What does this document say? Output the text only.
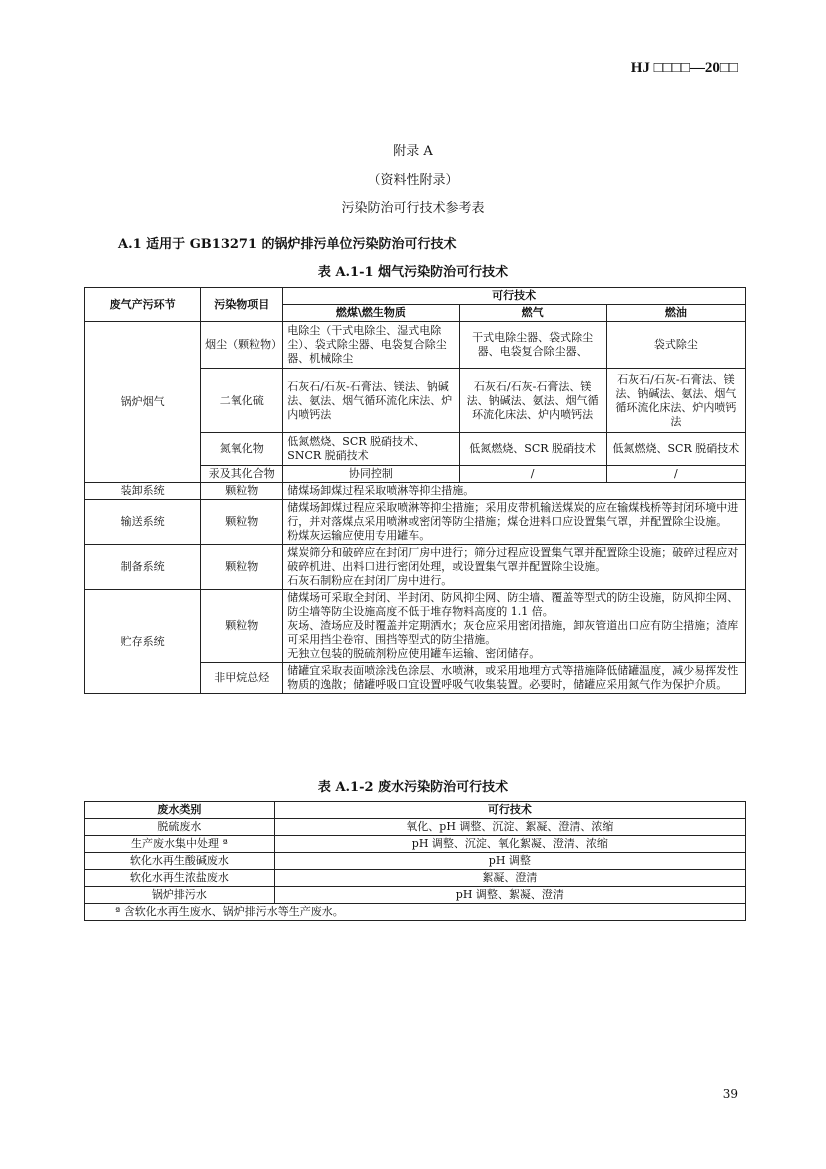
HJ □□□□—20□□
附录 A
（资料性附录）
污染防治可行技术参考表
A.1 适用于 GB13271 的锅炉排污单位污染防治可行技术
表 A.1-1 烟气污染防治可行技术
废气产污环节	污染物项目	可行技术		
		燃煤\燃生物质	燃气	燃油
锅炉烟气	烟尘（颗粒物）	电除尘（干式电除尘、湿式电除尘）、袋式除尘器、电袋复合除尘器、机械除尘	干式电除尘器、袋式除尘器、电袋复合除尘器、	袋式除尘
	二氧化硫	石灰石/石灰-石膏法、镁法、钠碱法、氨法、烟气循环流化床法、炉内喷钙法	石灰石/石灰-石膏法、镁法、钠碱法、氨法、烟气循环流化床法、炉内喷钙法	石灰石/石灰-石膏法、镁法、钠碱法、氨法、烟气循环流化床法、炉内喷钙法
	氮氧化物	低氮燃烧、SCR 脱硝技术、SNCR 脱硝技术	低氮燃烧、SCR 脱硝技术	低氮燃烧、SCR 脱硝技术
	汞及其化合物	协同控制	/	/
装卸系统	颗粒物	储煤场卸煤过程采取喷淋等抑尘措施。		
输送系统	颗粒物	储煤场卸煤过程应采取喷淋等抑尘措施；采用皮带机输送煤炭的应在输煤栈桥等封闭环境中进行，并对落煤点采用喷淋或密闭等防尘措施；煤仓进料口应设置集气罩，并配置除尘设施。
粉煤灰运输应使用专用罐车。		

制备系统	颗粒物	煤炭筛分和破碎应在封闭厂房中进行；筛分过程应设置集气罩并配置除尘设施；破碎过程应对破碎机进、出料口进行密闭处理，或设置集气罩并配置除尘设施。
石灰石制粉应在封闭厂房中进行。		

贮存系统	颗粒物	储煤场可采取全封闭、半封闭、防风抑尘网、防尘墙、覆盖等型式的防尘设施，防风抑尘网、防尘墙等防尘设施高度不低于堆存物料高度的 1.1 倍。
灰场、渣场应及时覆盖并定期洒水；灰仓应采用密闭措施，卸灰管道出口应有防尘措施；渣库可采用挡尘卷帘、围挡等型式的防尘措施。
无独立包装的脱硫剂粉应使用罐车运输、密闭储存。		

	非甲烷总烃	储罐宜采取表面喷涂浅色涂层、水喷淋，或采用地埋方式等措施降低储罐温度，减少易挥发性物质的逸散；储罐呼吸口宜设置呼吸气收集装置。必要时，储罐应采用氮气作为保护介质。		
表 A.1-2 废水污染防治可行技术
废水类别	可行技术
脱硫废水	氧化、pH 调整、沉淀、絮凝、澄清、浓缩
生产废水集中处理 ª	pH 调整、沉淀、氧化絮凝、澄清、浓缩
软化水再生酸碱废水	pH 调整
软化水再生浓盐废水	絮凝、澄清
锅炉排污水	pH 调整、絮凝、澄清
ª 含软化水再生废水、锅炉排污水等生产废水。	
39
